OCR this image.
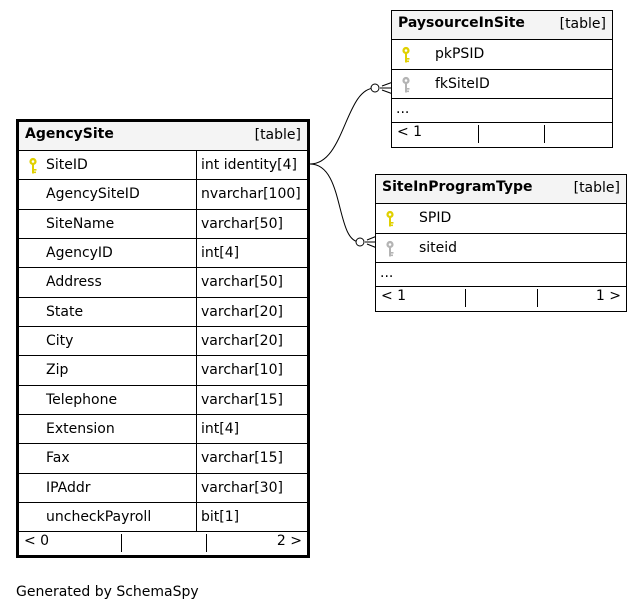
AgencySite	[table]
SiteID	int identity[4]
AgencySiteID	nvarchar[100]
SiteName	varchar[50]
AgencyID	int[4]
Address	varchar[50]
State	varchar[20]
City	varchar[20]
Zip	varchar[10]
Telephone	varchar[15]
Extension	int[4]
Fax	varchar[15]
IPAddr	varchar[30]
uncheckPayroll	bit[1]
< 0	2 >
PaysourceInSite [table]
pkPSID
fkSiteID
...
< 1
SiteInProgramType	[table]
SPID
siteid
...
< 1	1 >
Generated by SchemaSpy
